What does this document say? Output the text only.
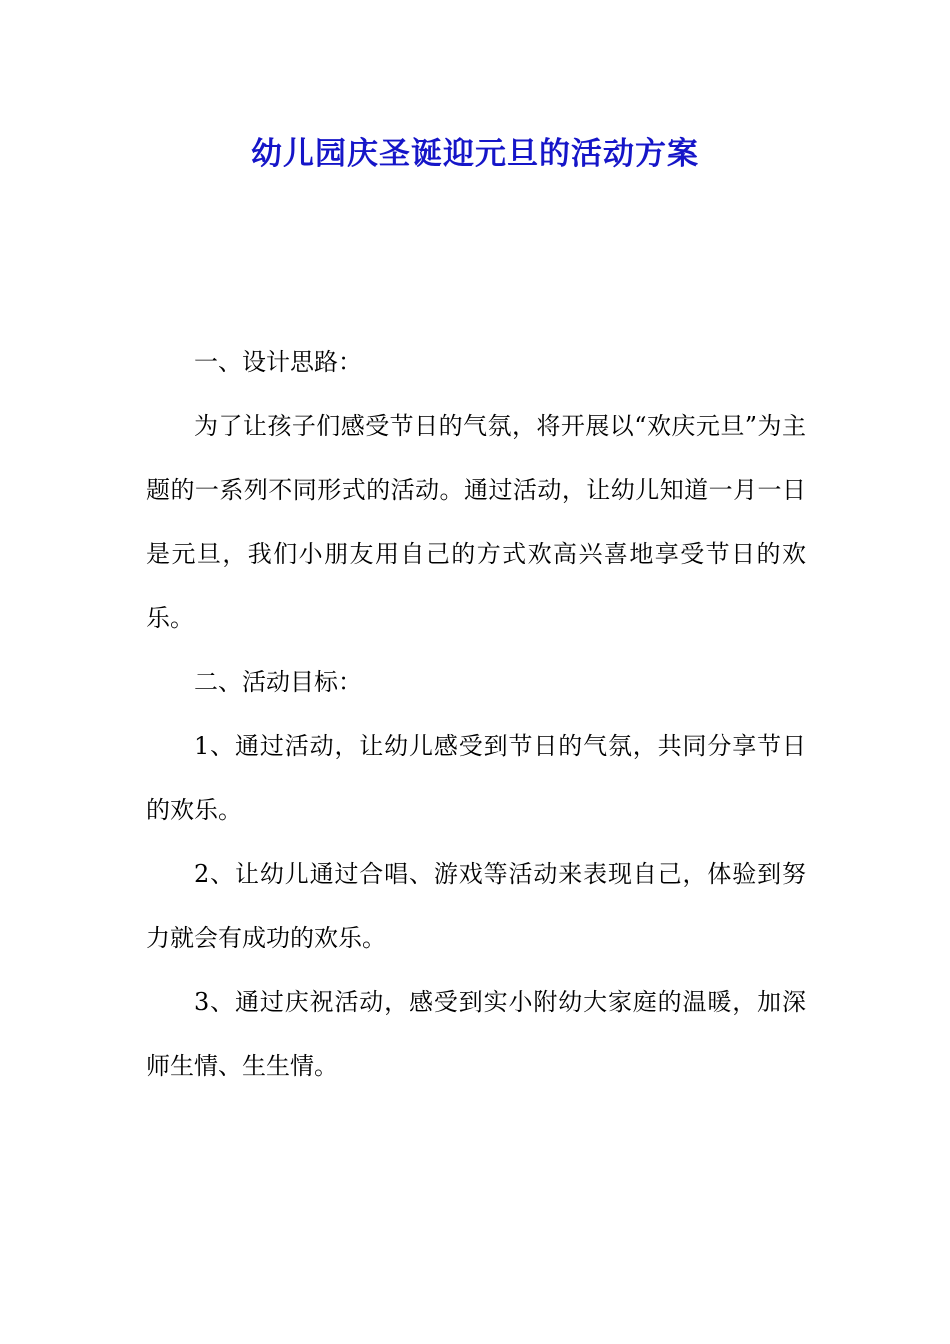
幼儿园庆圣诞迎元旦的活动方案

一、设计思路：

为了让孩子们感受节日的气氛，将开展以“欢庆元旦”为主题的一系列不同形式的活动。通过活动，让幼儿知道一月一日是元旦，我们小朋友用自己的方式欢高兴喜地享受节日的欢乐。

二、活动目标：

1、通过活动，让幼儿感受到节日的气氛，共同分享节日的欢乐。

2、让幼儿通过合唱、游戏等活动来表现自己，体验到努力就会有成功的欢乐。

3、通过庆祝活动，感受到实小附幼大家庭的温暖，加深师生情、生生情。
